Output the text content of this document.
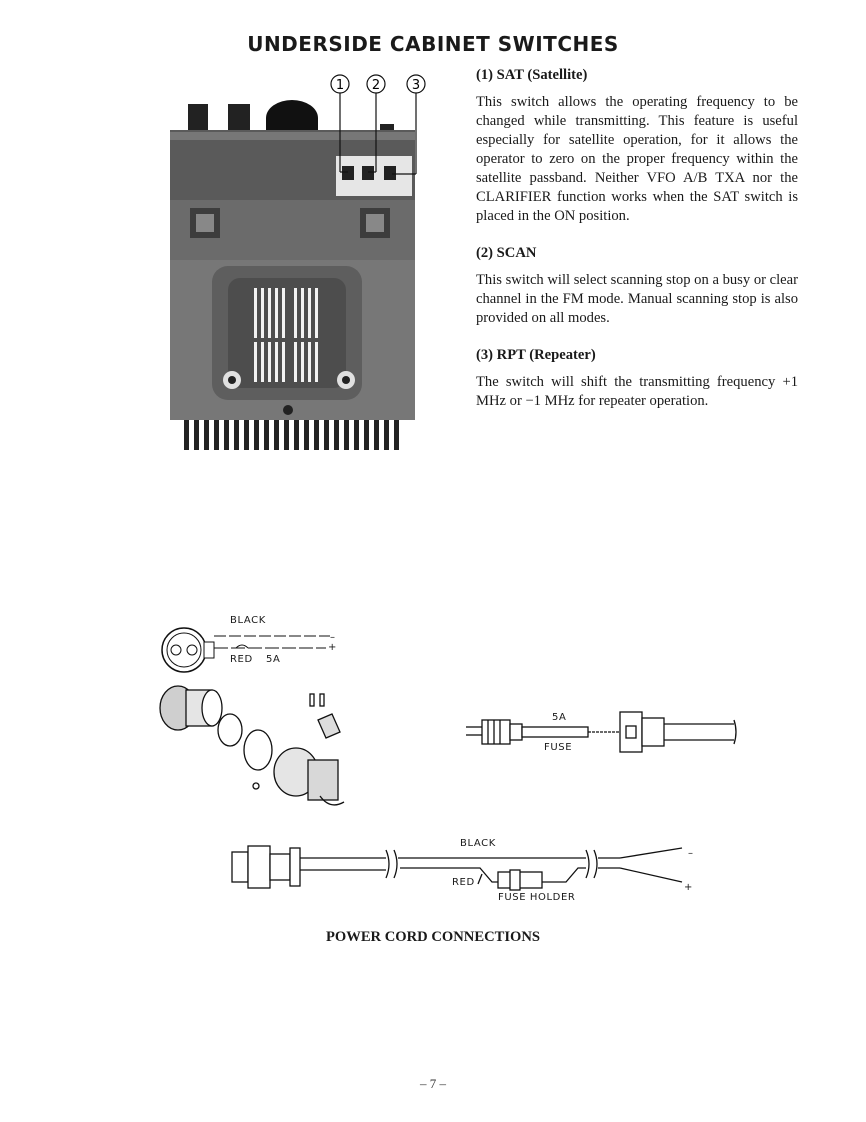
UNDERSIDE CABINET SWITCHES
1 2 3

(1) SAT (Satellite)

This switch allows the operating frequency to be changed while transmitting. This feature is useful especially for satellite operation, for it allows the operator to zero on the proper frequency within the satellite passband. Neither VFO A/B TXA nor the CLARIFIER function works when the SAT switch is placed in the ON position.

(2) SCAN

This switch will select scanning stop on a busy or clear channel in the FM mode. Manual scanning stop is also provided on all modes.

(3) RPT (Repeater)

The switch will shift the transmitting frequency +1 MHz or −1 MHz for repeater operation.

BLACK
RED 5A
–
+
5A
FUSE
BLACK
RED
FUSE HOLDER
–
+

POWER CORD CONNECTIONS

– 7 –
